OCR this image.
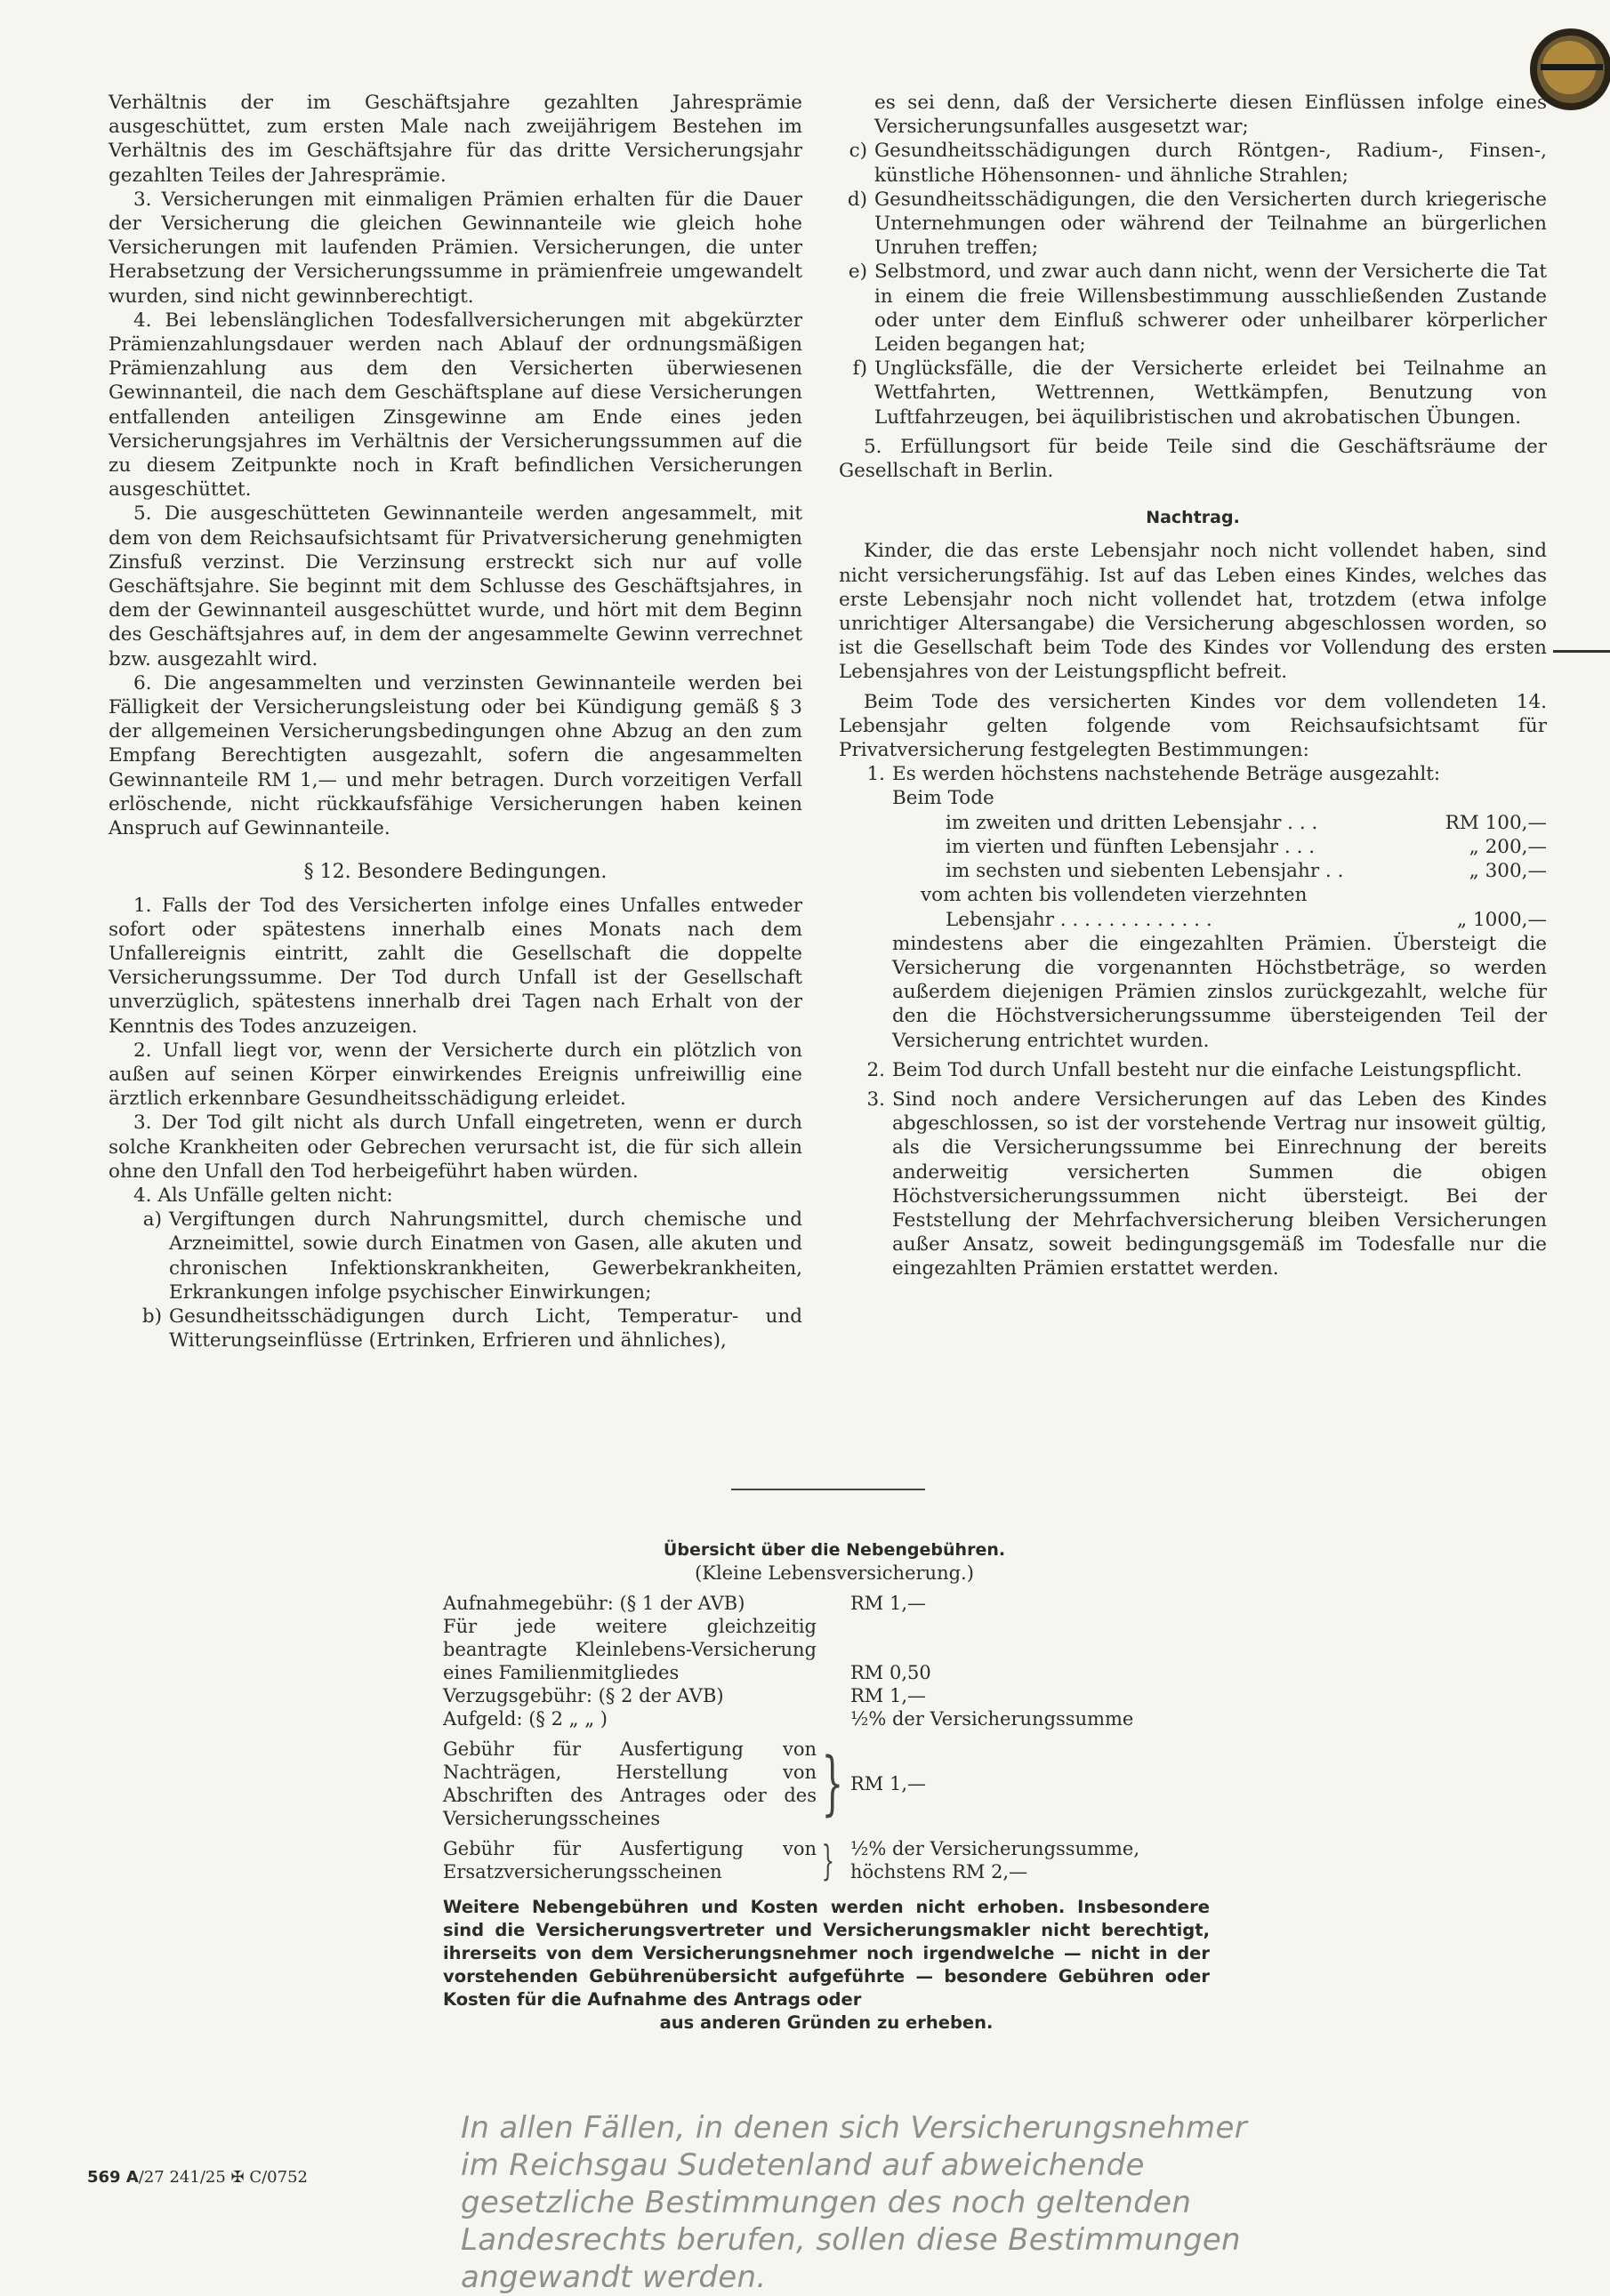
Verhältnis der im Geschäftsjahre gezahlten Jahresprämie ausgeschüttet, zum ersten Male nach zweijährigem Bestehen im Verhältnis des im Geschäftsjahre für das dritte Versicherungsjahr gezahlten Teiles der Jahresprämie.

3. Versicherungen mit einmaligen Prämien erhalten für die Dauer der Versicherung die gleichen Gewinnanteile wie gleich hohe Versicherungen mit laufenden Prämien. Versicherungen, die unter Herabsetzung der Versicherungssumme in prämienfreie umgewandelt wurden, sind nicht gewinnberechtigt.

4. Bei lebenslänglichen Todesfallversicherungen mit abgekürzter Prämienzahlungsdauer werden nach Ablauf der ordnungsmäßigen Prämienzahlung aus dem den Versicherten überwiesenen Gewinnanteil, die nach dem Geschäftsplane auf diese Versicherungen entfallenden anteiligen Zinsgewinne am Ende eines jeden Versicherungsjahres im Verhältnis der Versicherungssummen auf die zu diesem Zeitpunkte noch in Kraft befindlichen Versicherungen ausgeschüttet.

5. Die ausgeschütteten Gewinnanteile werden angesammelt, mit dem von dem Reichsaufsichtsamt für Privatversicherung genehmigten Zinsfuß verzinst. Die Verzinsung erstreckt sich nur auf volle Geschäftsjahre. Sie beginnt mit dem Schlusse des Geschäftsjahres, in dem der Gewinnanteil ausgeschüttet wurde, und hört mit dem Beginn des Geschäftsjahres auf, in dem der angesammelte Gewinn verrechnet bzw. ausgezahlt wird.

6. Die angesammelten und verzinsten Gewinnanteile werden bei Fälligkeit der Versicherungsleistung oder bei Kündigung gemäß § 3 der allgemeinen Versicherungsbedingungen ohne Abzug an den zum Empfang Berechtigten ausgezahlt, sofern die angesammelten Gewinnanteile RM 1,— und mehr betragen. Durch vorzeitigen Verfall erlöschende, nicht rückkaufsfähige Versicherungen haben keinen Anspruch auf Gewinnanteile.

§ 12. Besondere Bedingungen.

1. Falls der Tod des Versicherten infolge eines Unfalles entweder sofort oder spätestens innerhalb eines Monats nach dem Unfallereignis eintritt, zahlt die Gesellschaft die doppelte Versicherungssumme. Der Tod durch Unfall ist der Gesellschaft unverzüglich, spätestens innerhalb drei Tagen nach Erhalt von der Kenntnis des Todes anzuzeigen.

2. Unfall liegt vor, wenn der Versicherte durch ein plötzlich von außen auf seinen Körper einwirkendes Ereignis unfreiwillig eine ärztlich erkennbare Gesundheitsschädigung erleidet.

3. Der Tod gilt nicht als durch Unfall eingetreten, wenn er durch solche Krankheiten oder Gebrechen verursacht ist, die für sich allein ohne den Unfall den Tod herbeigeführt haben würden.

4. Als Unfälle gelten nicht:

a) Vergiftungen durch Nahrungsmittel, durch chemische und Arzneimittel, sowie durch Einatmen von Gasen, alle akuten und chronischen Infektionskrankheiten, Gewerbekrankheiten, Erkrankungen infolge psychischer Einwirkungen;
b) Gesundheitsschädigungen durch Licht, Temperatur- und Witterungseinflüsse (Ertrinken, Erfrieren und ähnliches),
es sei denn, daß der Versicherte diesen Einflüssen infolge eines Versicherungsunfalles ausgesetzt war;
c) Gesundheitsschädigungen durch Röntgen-, Radium-, Finsen-, künstliche Höhensonnen- und ähnliche Strahlen;
d) Gesundheitsschädigungen, die den Versicherten durch kriegerische Unternehmungen oder während der Teilnahme an bürgerlichen Unruhen treffen;
e) Selbstmord, und zwar auch dann nicht, wenn der Versicherte die Tat in einem die freie Willensbestimmung ausschließenden Zustande oder unter dem Einfluß schwerer oder unheilbarer körperlicher Leiden begangen hat;
f) Unglücksfälle, die der Versicherte erleidet bei Teilnahme an Wettfahrten, Wettrennen, Wettkämpfen, Benutzung von Luftfahrzeugen, bei äquilibristischen und akrobatischen Übungen.

5. Erfüllungsort für beide Teile sind die Geschäftsräume der Gesellschaft in Berlin.

Nachtrag.

Kinder, die das erste Lebensjahr noch nicht vollendet haben, sind nicht versicherungsfähig. Ist auf das Leben eines Kindes, welches das erste Lebensjahr noch nicht vollendet hat, trotzdem (etwa infolge unrichtiger Altersangabe) die Versicherung abgeschlossen worden, so ist die Gesellschaft beim Tode des Kindes vor Vollendung des ersten Lebensjahres von der Leistungspflicht befreit.

Beim Tode des versicherten Kindes vor dem vollendeten 14. Lebensjahr gelten folgende vom Reichsaufsichtsamt für Privatversicherung festgelegten Bestimmungen:

1. Es werden höchstens nachstehende Beträge ausgezahlt:
Beim Tode
im zweiten und dritten Lebensjahr . . .	RM 100,—
im vierten und fünften Lebensjahr . . .	„ 200,—
im sechsten und siebenten Lebensjahr . .	„ 300,—
vom achten bis vollendeten vierzehnten
Lebensjahr . . . . . . . . . . . . .	„ 1000,—
mindestens aber die eingezahlten Prämien. Übersteigt die Versicherung die vorgenannten Höchstbeträge, so werden außerdem diejenigen Prämien zinslos zurückgezahlt, welche für den die Höchstversicherungssumme übersteigenden Teil der Versicherung entrichtet wurden.
2. Beim Tod durch Unfall besteht nur die einfache Leistungspflicht.
3. Sind noch andere Versicherungen auf das Leben des Kindes abgeschlossen, so ist der vorstehende Vertrag nur insoweit gültig, als die Versicherungssumme bei Einrechnung der bereits anderweitig versicherten Summen die obigen Höchstversicherungssummen nicht übersteigt. Bei der Feststellung der Mehrfachversicherung bleiben Versicherungen außer Ansatz, soweit bedingungsgemäß im Todesfalle nur die eingezahlten Prämien erstattet werden.
Übersicht über die Nebengebühren.
(Kleine Lebensversicherung.)
Aufnahmegebühr: (§ 1 der AVB)	RM 1,—
Für jede weitere gleichzeitig beantragte Kleinlebens-Versicherung eines Familienmitgliedes	RM 0,50
Verzugsgebühr: (§ 2 der AVB)	RM 1,—
Aufgeld: (§ 2 „ „ )	½% der Versicherungssumme
Gebühr für Ausfertigung von Nachträgen, Herstellung von Abschriften des Antrages oder des Versicherungsscheines	} RM 1,—
Gebühr für Ausfertigung von Ersatzversicherungsscheinen	} ½% der Versicherungssumme,
höchstens RM 2,—
Weitere Nebengebühren und Kosten werden nicht erhoben. Insbesondere sind die Versicherungsvertreter und Versicherungsmakler nicht berechtigt, ihrerseits von dem Versicherungsnehmer noch irgendwelche — nicht in der vorstehenden Gebührenübersicht aufgeführte — besondere Gebühren oder Kosten für die Aufnahme des Antrags oder
aus anderen Gründen zu erheben.
In allen Fällen, in denen sich Versicherungsnehmer im Reichsgau Sudetenland auf abweichende gesetzliche Bestimmungen des noch geltenden Landesrechts berufen, sollen diese Bestimmungen angewandt werden.
569 A/27 241/25 ✠ C/0752
